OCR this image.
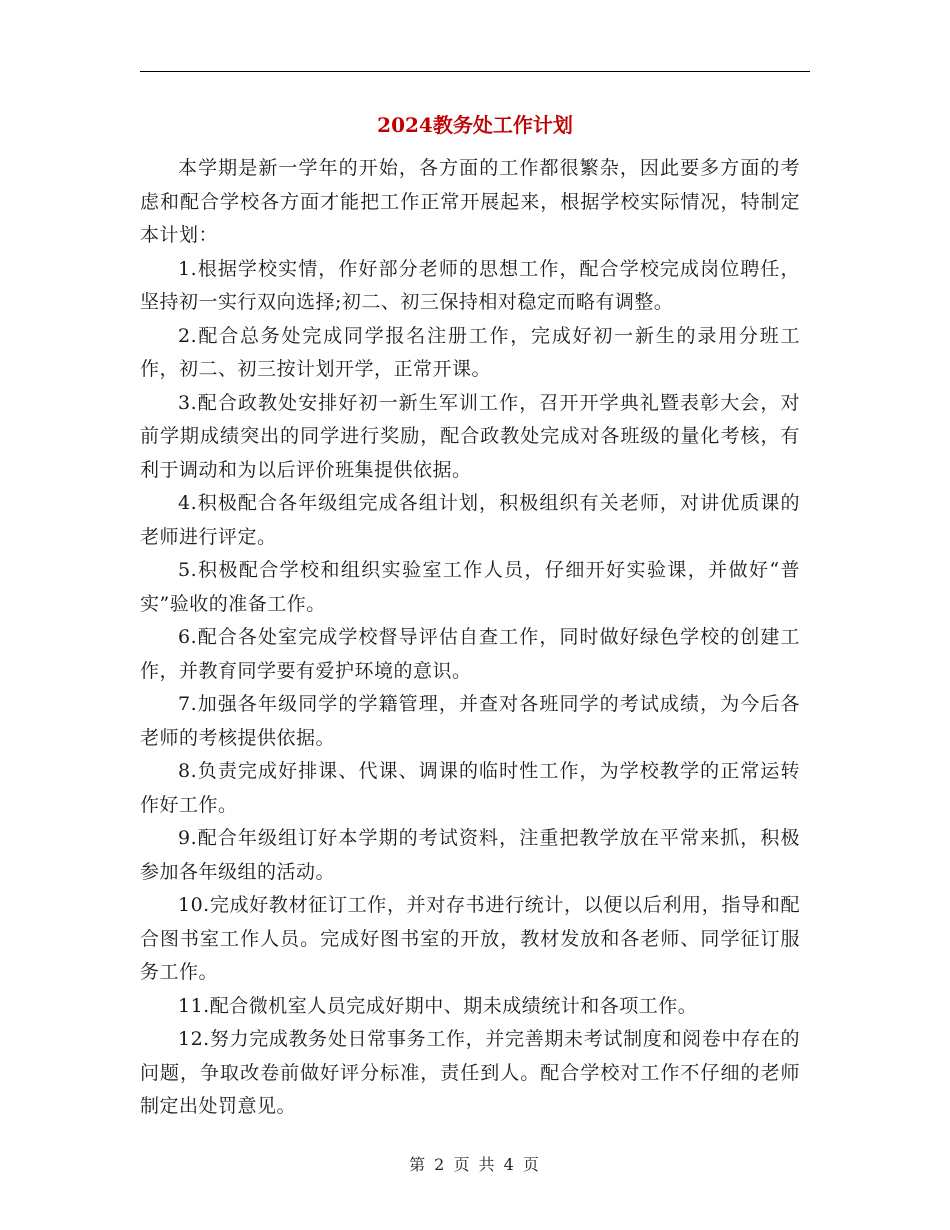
2024教务处工作计划

本学期是新一学年的开始，各方面的工作都很繁杂，因此要多方面的考虑和配合学校各方面才能把工作正常开展起来，根据学校实际情况，特制定本计划：

1.根据学校实情，作好部分老师的思想工作，配合学校完成岗位聘任，坚持初一实行双向选择;初二、初三保持相对稳定而略有调整。

2.配合总务处完成同学报名注册工作，完成好初一新生的录用分班工作，初二、初三按计划开学，正常开课。

3.配合政教处安排好初一新生军训工作，召开开学典礼暨表彰大会，对前学期成绩突出的同学进行奖励，配合政教处完成对各班级的量化考核，有利于调动和为以后评价班集提供依据。

4.积极配合各年级组完成各组计划，积极组织有关老师，对讲优质课的老师进行评定。

5.积极配合学校和组织实验室工作人员，仔细开好实验课，并做好“普实”验收的准备工作。

6.配合各处室完成学校督导评估自查工作，同时做好绿色学校的创建工作，并教育同学要有爱护环境的意识。

7.加强各年级同学的学籍管理，并查对各班同学的考试成绩，为今后各老师的考核提供依据。

8.负责完成好排课、代课、调课的临时性工作，为学校教学的正常运转作好工作。

9.配合年级组订好本学期的考试资料，注重把教学放在平常来抓，积极参加各年级组的活动。

10.完成好教材征订工作，并对存书进行统计，以便以后利用，指导和配合图书室工作人员。完成好图书室的开放，教材发放和各老师、同学征订服务工作。

11.配合微机室人员完成好期中、期未成绩统计和各项工作。

12.努力完成教务处日常事务工作，并完善期未考试制度和阅卷中存在的问题，争取改卷前做好评分标准，责任到人。配合学校对工作不仔细的老师制定出处罚意见。

第 2 页 共 4 页
